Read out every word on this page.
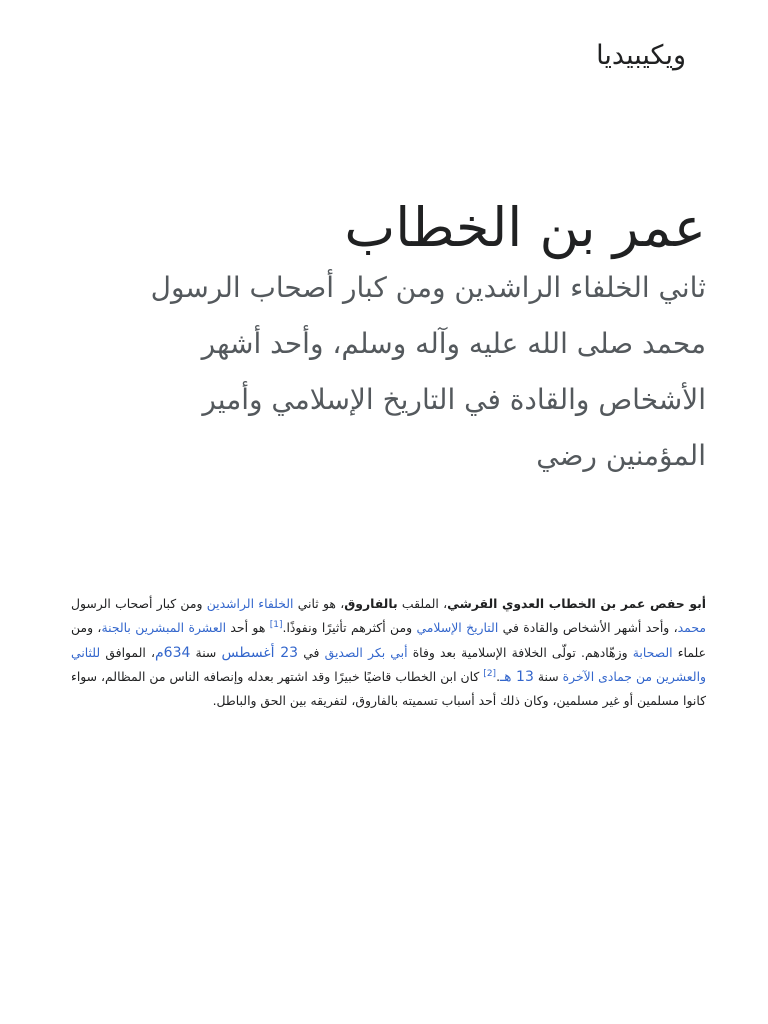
ويكيبيديا
عمر بن الخطاب

ثاني الخلفاء الراشدين ومن كبار أصحاب الرسول محمد صلى الله عليه وآله وسلم، وأحد أشهر الأشخاص والقادة في التاريخ الإسلامي وأمير المؤمنين رضي

أبو حفص عمر بن الخطاب العدوي القرشي، الملقب بالفاروق، هو ثاني الخلفاء الراشدين ومن كبار أصحاب الرسول محمد، وأحد أشهر الأشخاص والقادة في التاريخ الإسلامي ومن أكثرهم تأثيرًا ونفوذًا.[1] هو أحد العشرة المبشرين بالجنة، ومن علماء الصحابة وزهّادهم. تولّى الخلافة الإسلامية بعد وفاة أبي بكر الصديق في 23 أغسطس سنة 634م، الموافق للثاني والعشرين من جمادى الآخرة سنة 13 هـ.[2] كان ابن الخطاب قاضيًا خبيرًا وقد اشتهر بعدله وإنصافه الناس من المظالم، سواء كانوا مسلمين أو غير مسلمين، وكان ذلك أحد أسباب تسميته بالفاروق، لتفريقه بين الحق والباطل.
